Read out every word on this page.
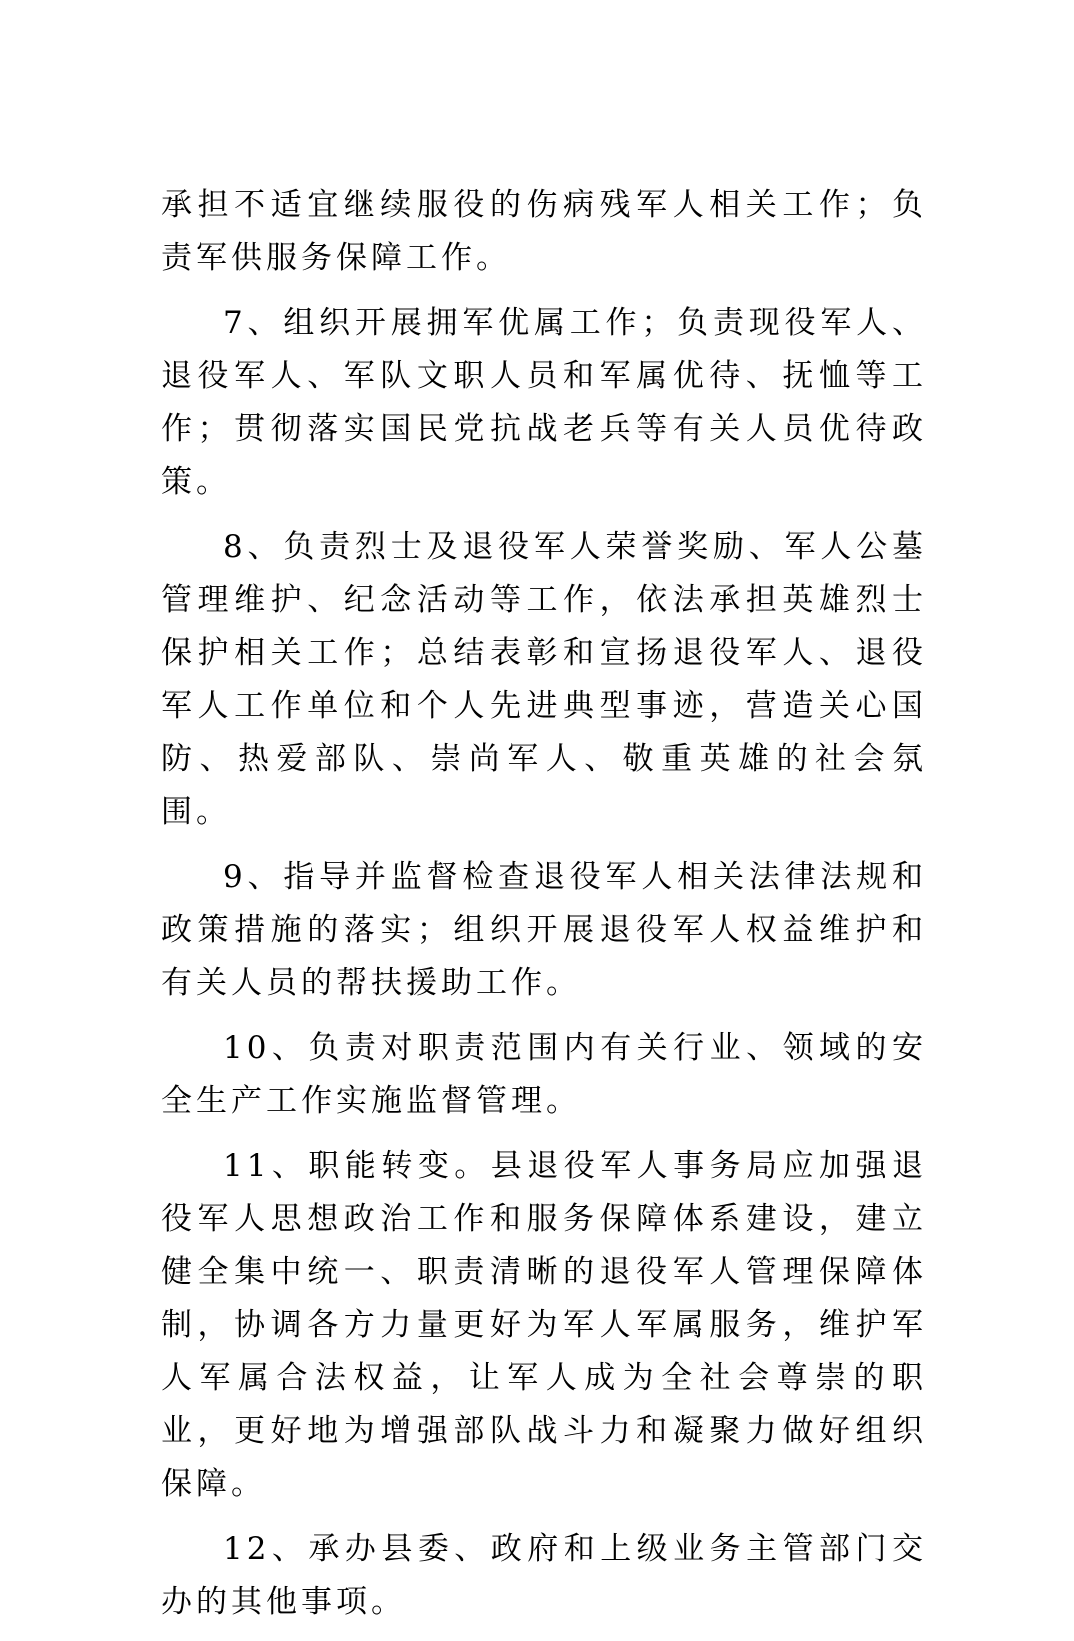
承担不适宜继续服役的伤病残军人相关工作；负责军供服务保障工作。

7、组织开展拥军优属工作；负责现役军人、退役军人、军队文职人员和军属优待、抚恤等工作；贯彻落实国民党抗战老兵等有关人员优待政策。

8、负责烈士及退役军人荣誉奖励、军人公墓管理维护、纪念活动等工作，依法承担英雄烈士保护相关工作；总结表彰和宣扬退役军人、退役军人工作单位和个人先进典型事迹，营造关心国防、热爱部队、崇尚军人、敬重英雄的社会氛围。

9、指导并监督检查退役军人相关法律法规和政策措施的落实；组织开展退役军人权益维护和有关人员的帮扶援助工作。

10、负责对职责范围内有关行业、领域的安全生产工作实施监督管理。

11、职能转变。县退役军人事务局应加强退役军人思想政治工作和服务保障体系建设，建立健全集中统一、职责清晰的退役军人管理保障体制，协调各方力量更好为军人军属服务，维护军人军属合法权益，让军人成为全社会尊崇的职业，更好地为增强部队战斗力和凝聚力做好组织保障。

12、承办县委、政府和上级业务主管部门交办的其他事项。
